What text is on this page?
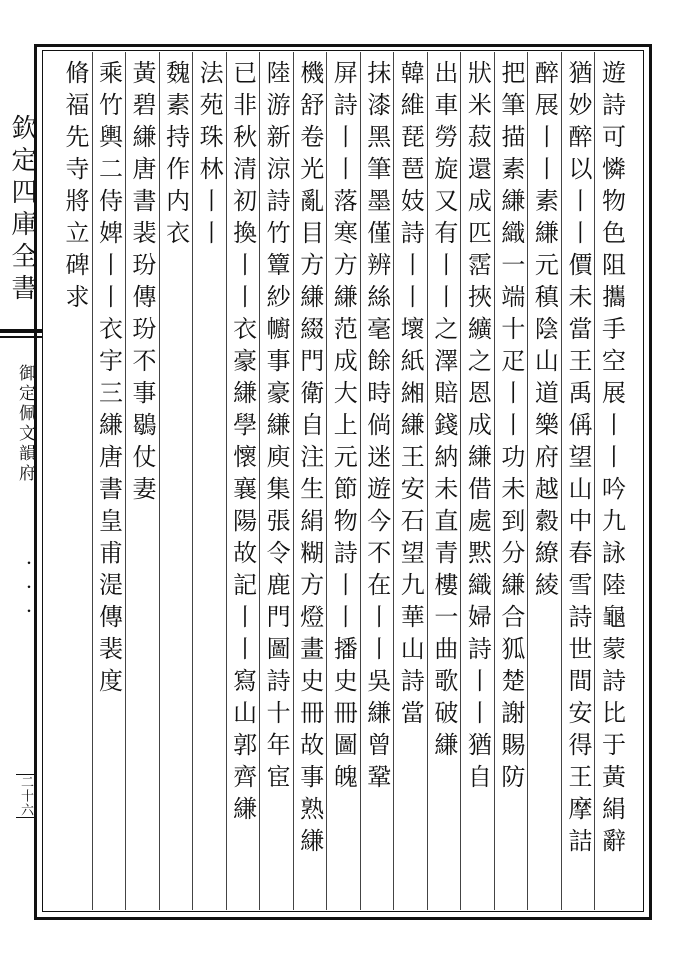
欽定四庫全書
御定佩文韻府
・・・
二十六	遊詩可憐物色阻攜手空展丨丨吟九詠陸龜蒙詩比于黃絹辭
猶妙醉以丨丨價未當王禹偁望山中春雪詩世間安得王摩詰
醉展丨丨素縑元稹陰山道樂府越縠繚綾
把筆描素縑織一端十疋丨丨功未到分縑合狐楚謝賜防
狀米菽還成匹霑挾纊之恩成縑借處黙織婦詩丨丨猶自
出車勞旋又有丨丨之澤賠錢納未直青樓一曲歌破縑
韓維琵琶妓詩丨丨壞紙緗縑王安石望九華山詩當
抹漆黑筆墨僅辨絲毫餘時倘迷遊今不在丨丨吳縑曾鞏
屏詩丨丨落寒方縑范成大上元節物詩丨丨播史冊圖魄
機舒卷光亂目方縑綴門衛自注生絹糊方燈畫史冊故事熟縑
陸游新涼詩竹簟紗幮事豪縑庾集張令鹿門圖詩十年宦
已非秋清初換丨丨衣豪縑學懷襄陽故記丨丨寫山郭齊縑
法苑珠林丨丨
魏素持作内衣
黃碧縑唐書裴玢傳玢不事鶡仗妻
乘竹輿二侍婢丨丨衣宇三縑唐書皇甫湜傳裴度
脩福先寺將立碑求
